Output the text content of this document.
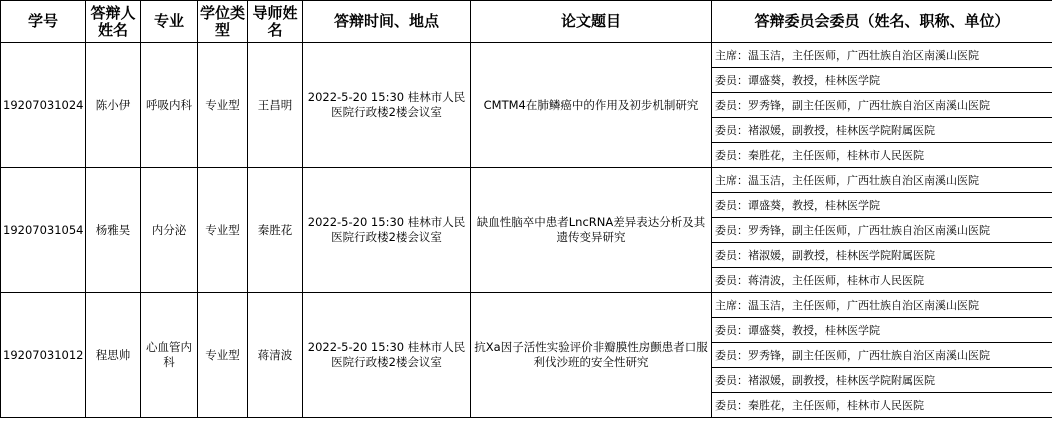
学号	答辩人姓名	专业	学位类型	导师姓名	答辩时间、地点	论文题目	答辩委员会委员（姓名、职称、单位）
19207031024	陈小伊	呼吸内科	专业型	王昌明	2022-5-20 15:30 桂林市人民医院行政楼2楼会议室	CMTM4在肺鳞癌中的作用及初步机制研究	主席：温玉洁，主任医师，广西壮族自治区南溪山医院
							委员：谭盛葵，教授，桂林医学院
							委员：罗秀锋，副主任医师，广西壮族自治区南溪山医院
							委员：褚淑媛，副教授，桂林医学院附属医院
							委员：秦胜花，主任医师，桂林市人民医院
19207031054	杨雅昊	内分泌	专业型	秦胜花	2022-5-20 15:30 桂林市人民医院行政楼2楼会议室	缺血性脑卒中患者LncRNA差异表达分析及其遗传变异研究	主席：温玉洁，主任医师，广西壮族自治区南溪山医院
							委员：谭盛葵，教授，桂林医学院
							委员：罗秀锋，副主任医师，广西壮族自治区南溪山医院
							委员：褚淑媛，副教授，桂林医学院附属医院
							委员：蒋清波，主任医师，桂林市人民医院
19207031012	程思帅	心血管内科	专业型	蒋清波	2022-5-20 15:30 桂林市人民医院行政楼2楼会议室	抗Xa因子活性实验评价非瓣膜性房颤患者口服利伐沙班的安全性研究	主席：温玉洁，主任医师，广西壮族自治区南溪山医院
							委员：谭盛葵，教授，桂林医学院
							委员：罗秀锋，副主任医师，广西壮族自治区南溪山医院
							委员：褚淑媛，副教授，桂林医学院附属医院
							委员：秦胜花，主任医师，桂林市人民医院
